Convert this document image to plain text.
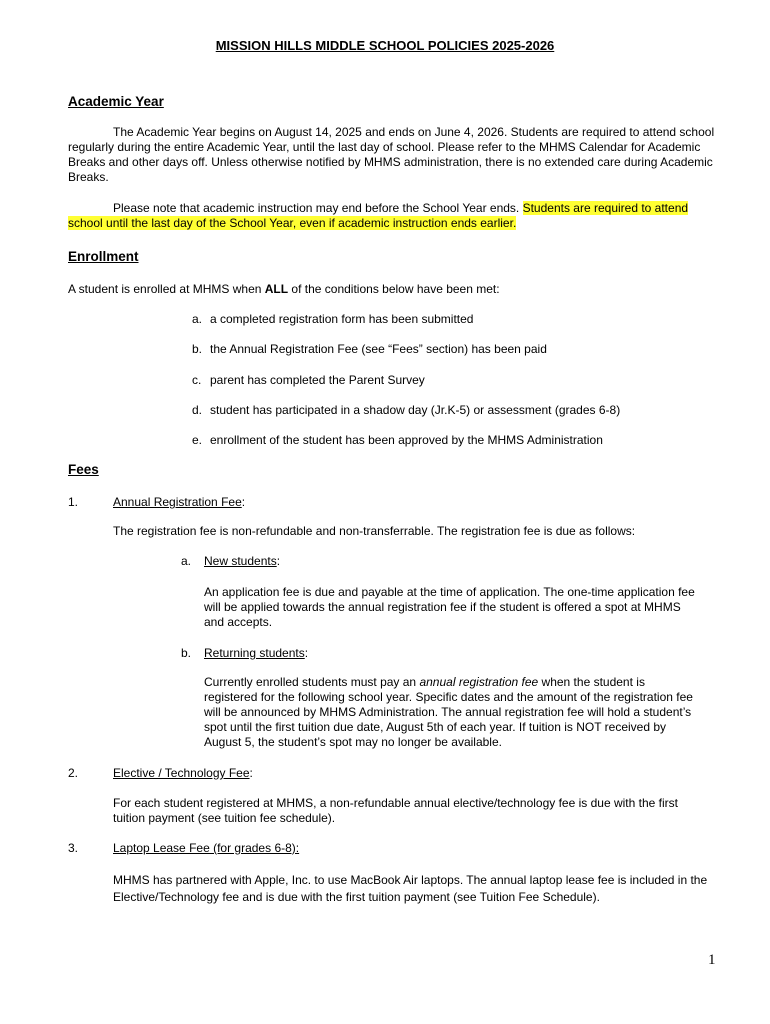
MISSION HILLS MIDDLE SCHOOL POLICIES 2025-2026
Academic Year
The Academic Year begins on August 14, 2025 and ends on June 4, 2026. Students are required to attend school regularly during the entire Academic Year, until the last day of school. Please refer to the MHMS Calendar for Academic Breaks and other days off. Unless otherwise notified by MHMS administration, there is no extended care during Academic Breaks.
Please note that academic instruction may end before the School Year ends. Students are required to attend school until the last day of the School Year, even if academic instruction ends earlier.
Enrollment
A student is enrolled at MHMS when ALL of the conditions below have been met:
a. a completed registration form has been submitted
b. the Annual Registration Fee (see “Fees” section) has been paid
c. parent has completed the Parent Survey
d. student has participated in a shadow day (Jr.K-5) or assessment (grades 6-8)
e. enrollment of the student has been approved by the MHMS Administration
Fees
1.	Annual Registration Fee:
The registration fee is non-refundable and non-transferrable. The registration fee is due as follows:
a. New students:
An application fee is due and payable at the time of application. The one-time application fee will be applied towards the annual registration fee if the student is offered a spot at MHMS and accepts.
b. Returning students:
Currently enrolled students must pay an annual registration fee when the student is registered for the following school year. Specific dates and the amount of the registration fee will be announced by MHMS Administration. The annual registration fee will hold a student’s spot until the first tuition due date, August 5th of each year. If tuition is NOT received by August 5, the student’s spot may no longer be available.
2.	Elective / Technology Fee:
For each student registered at MHMS, a non-refundable annual elective/technology fee is due with the first tuition payment (see tuition fee schedule).
3.	Laptop Lease Fee (for grades 6-8):
MHMS has partnered with Apple, Inc. to use MacBook Air laptops. The annual laptop lease fee is included in the Elective/Technology fee and is due with the first tuition payment (see Tuition Fee Schedule).
1
